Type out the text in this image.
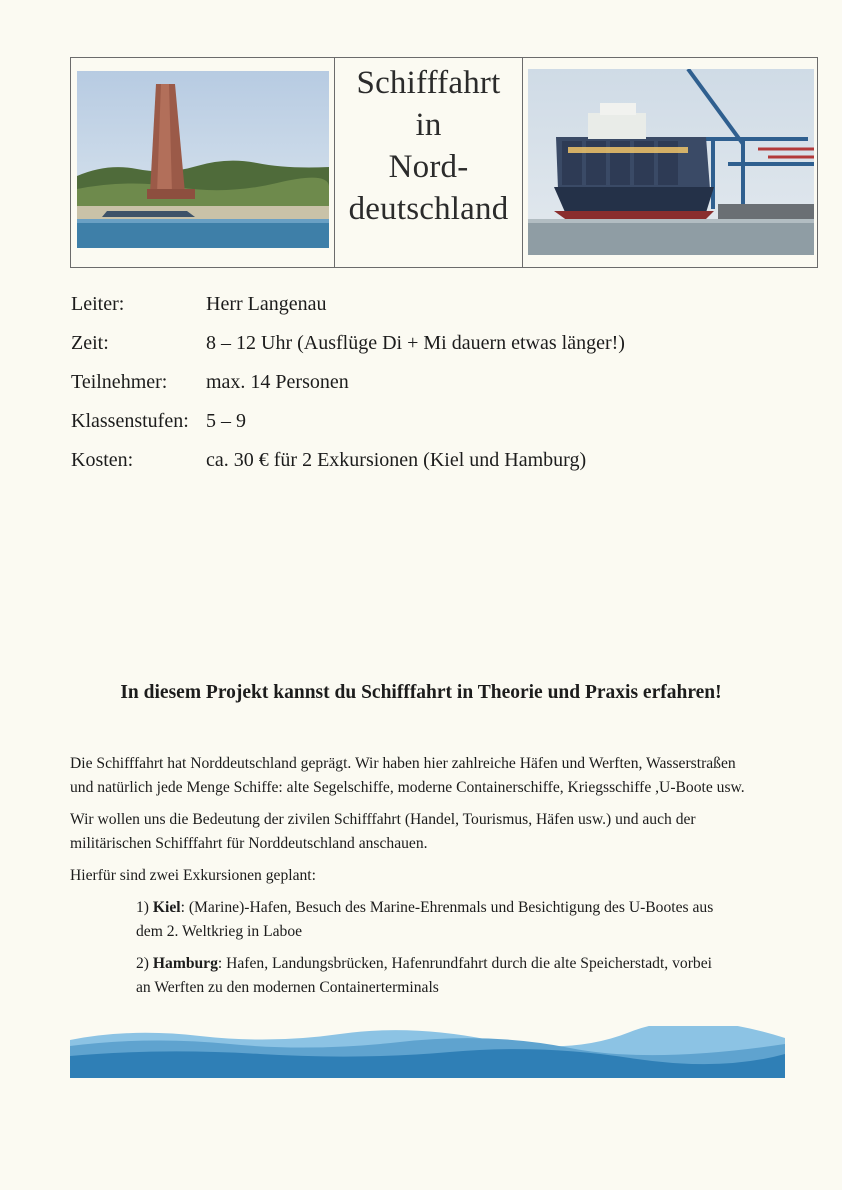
Schifffahrt
in
Nord-
deutschland
Leiter:	Herr Langenau
Zeit:	8 – 12 Uhr (Ausflüge Di + Mi dauern etwas länger!)
Teilnehmer: max. 14 Personen
Klassenstufen: 5 – 9
Kosten:	ca. 30 € für 2 Exkursionen (Kiel und Hamburg)
In diesem Projekt kannst du Schifffahrt in Theorie und Praxis erfahren!

Die Schifffahrt hat Norddeutschland geprägt. Wir haben hier zahlreiche Häfen und Werften, Wasserstraßen und natürlich jede Menge Schiffe: alte Segelschiffe, moderne Containerschiffe, Kriegsschiffe ,U-Boote usw.

Wir wollen uns die Bedeutung der zivilen Schifffahrt (Handel, Tourismus, Häfen usw.) und auch der militärischen Schifffahrt für Norddeutschland anschauen.

Hierfür sind zwei Exkursionen geplant:

1) Kiel: (Marine)-Hafen, Besuch des Marine-Ehrenmals und Besichtigung des U-Bootes aus dem 2. Weltkrieg in Laboe

2) Hamburg: Hafen, Landungsbrücken, Hafenrundfahrt durch die alte Speicherstadt, vorbei an Werften zu den modernen Containerterminals
